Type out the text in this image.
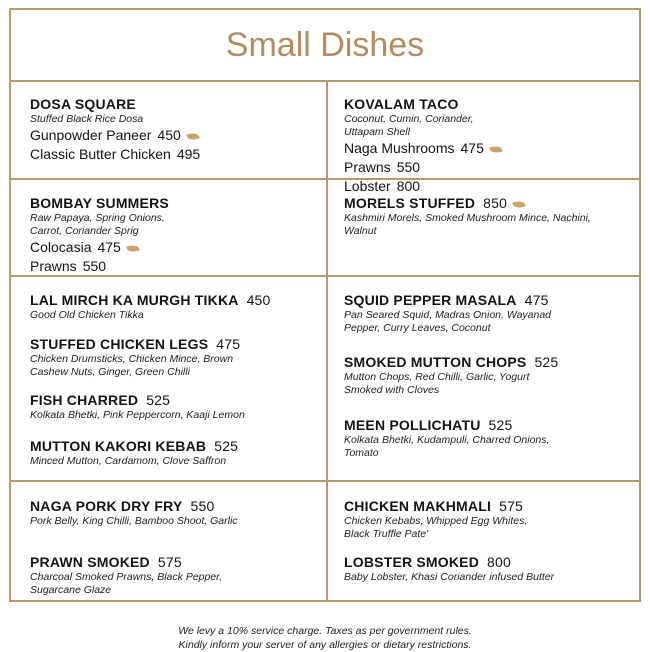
Small Dishes
DOSA SQUARE
Stuffed Black Rice Dosa
Gunpowder Paneer 450
Classic Butter Chicken 495
KOVALAM TACO
Coconut, Cumin, Coriander, Uttapam Shell
Naga Mushrooms 475
Prawns 550
Lobster 800
BOMBAY SUMMERS
Raw Papaya, Spring Onions, Carrot, Coriander Sprig
Colocasia 475
Prawns 550
MORELS STUFFED 850
Kashmiri Morels, Smoked Mushroom Mince, Nachini, Walnut
LAL MIRCH KA MURGH TIKKA 450
Good Old Chicken Tikka
STUFFED CHICKEN LEGS 475
Chicken Drumsticks, Chicken Mince, Brown Cashew Nuts, Ginger, Green Chilli
FISH CHARRED 525
Kolkata Bhetki, Pink Peppercorn, Kaaji Lemon
MUTTON KAKORI KEBAB 525
Minced Mutton, Cardamom, Clove Saffron
SQUID PEPPER MASALA 475
Pan Seared Squid, Madras Onion, Wayanad Pepper, Curry Leaves, Coconut
SMOKED MUTTON CHOPS 525
Mutton Chops, Red Chilli, Garlic, Yogurt Smoked with Cloves
MEEN POLLICHATU 525
Kolkata Bhetki, Kudampuli, Charred Onions, Tomato
NAGA PORK DRY FRY 550
Pork Belly, King Chilli, Bamboo Shoot, Garlic
PRAWN SMOKED 575
Charcoal Smoked Prawns, Black Pepper, Sugarcane Glaze
CHICKEN MAKHMALI 575
Chicken Kebabs, Whipped Egg Whites, Black Truffle Pate'
LOBSTER SMOKED 800
Baby Lobster, Khasi Coriander infused Butter
We levy a 10% service charge. Taxes as per government rules.
Kindly inform your server of any allergies or dietary restrictions.
